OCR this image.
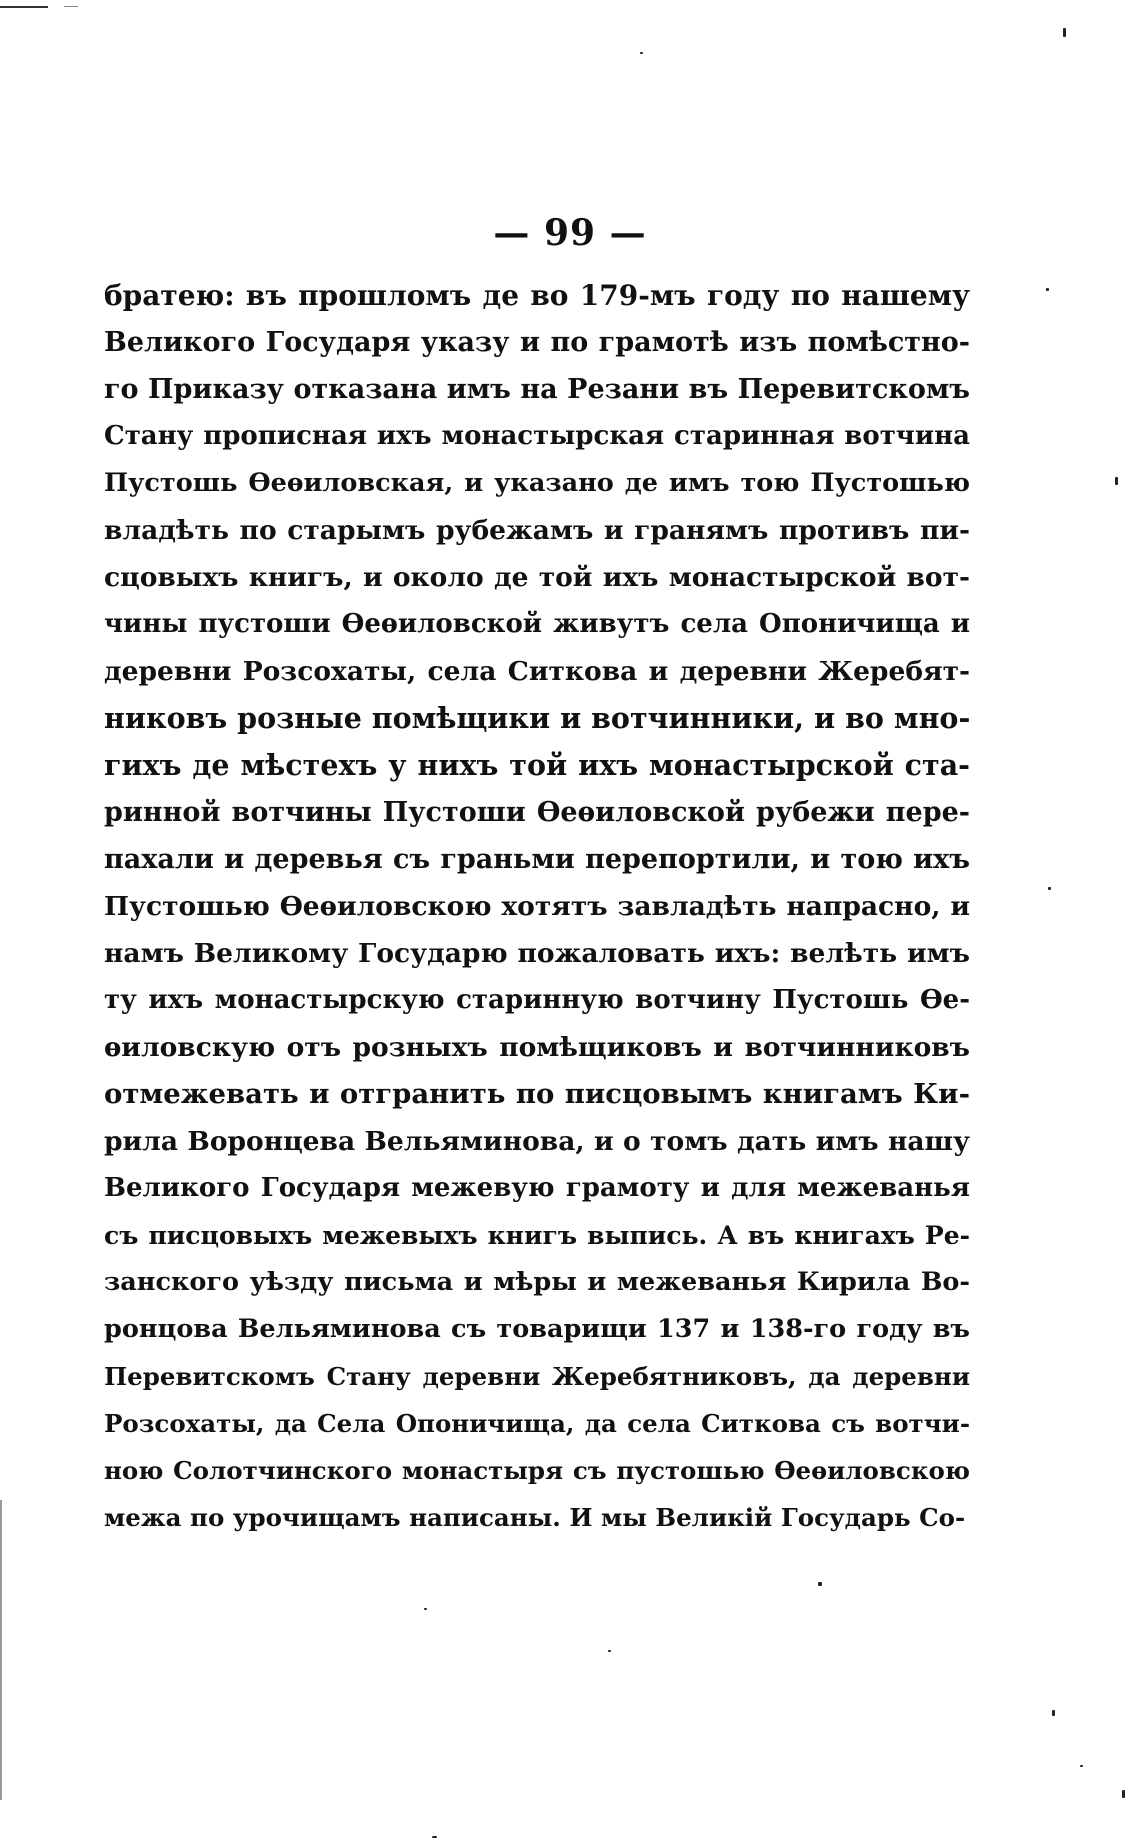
— 99 —
братею: въ прошломъ де во 179-мъ году по нашему
Великого Государя указу и по грамотѣ изъ помѣстно-
го Приказу отказана имъ на Резани въ Перевитскомъ
Стану прописная ихъ монастырская старинная вотчина
Пустошь Ѳеѳиловская, и указано де имъ тою Пустошью
владѣть по старымъ рубежамъ и гранямъ противъ пи-
сцовыхъ книгъ, и около де той ихъ монастырской вот-
чины пустоши Ѳеѳиловской живутъ села Опоничища и
деревни Розсохаты, села Ситкова и деревни Жеребят-
никовъ розные помѣщики и вотчинники, и во мно-
гихъ де мѣстехъ у нихъ той ихъ монастырской ста-
ринной вотчины Пустоши Ѳеѳиловской рубежи пере-
пахали и деревья съ граньми перепортили, и тою ихъ
Пустошью Ѳеѳиловскою хотятъ завладѣть напрасно, и
намъ Великому Государю пожаловать ихъ: велѣть имъ
ту ихъ монастырскую старинную вотчину Пустошь Ѳе-
ѳиловскую отъ розныхъ помѣщиковъ и вотчинниковъ
отмежевать и отгранить по писцовымъ книгамъ Ки-
рила Воронцева Вельяминова, и о томъ дать имъ нашу
Великого Государя межевую грамоту и для межеванья
съ писцовыхъ межевыхъ книгъ выпись. А въ книгахъ Ре-
занского уѣзду письма и мѣры и межеванья Кирила Во-
ронцова Вельяминова съ товарищи 137 и 138-го году въ
Перевитскомъ Стану деревни Жеребятниковъ, да деревни
Розсохаты, да Села Опоничища, да села Ситкова съ вотчи-
ною Солотчинского монастыря съ пустошью Ѳеѳиловскою
межа по урочищамъ написаны. И мы Великій Государь Со-
